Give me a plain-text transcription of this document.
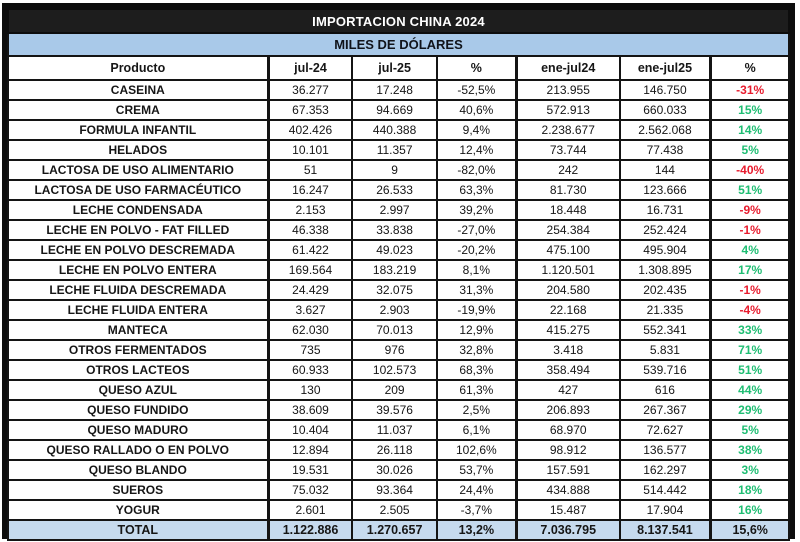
IMPORTACION CHINA 2024						
MILES DE DÓLARES						
Producto	jul-24	jul-25	%	ene-jul24	ene-jul25	%
CASEINA	36.277	17.248	-52,5%	213.955	146.750	-31%
CREMA	67.353	94.669	40,6%	572.913	660.033	15%
FORMULA INFANTIL	402.426	440.388	9,4%	2.238.677	2.562.068	14%
HELADOS	10.101	11.357	12,4%	73.744	77.438	5%
LACTOSA DE USO ALIMENTARIO	51	9	-82,0%	242	144	-40%
LACTOSA DE USO FARMACÉUTICO	16.247	26.533	63,3%	81.730	123.666	51%
LECHE CONDENSADA	2.153	2.997	39,2%	18.448	16.731	-9%
LECHE EN POLVO - FAT FILLED	46.338	33.838	-27,0%	254.384	252.424	-1%
LECHE EN POLVO DESCREMADA	61.422	49.023	-20,2%	475.100	495.904	4%
LECHE EN POLVO ENTERA	169.564	183.219	8,1%	1.120.501	1.308.895	17%
LECHE FLUIDA DESCREMADA	24.429	32.075	31,3%	204.580	202.435	-1%
LECHE FLUIDA ENTERA	3.627	2.903	-19,9%	22.168	21.335	-4%
MANTECA	62.030	70.013	12,9%	415.275	552.341	33%
OTROS FERMENTADOS	735	976	32,8%	3.418	5.831	71%
OTROS LACTEOS	60.933	102.573	68,3%	358.494	539.716	51%
QUESO AZUL	130	209	61,3%	427	616	44%
QUESO FUNDIDO	38.609	39.576	2,5%	206.893	267.367	29%
QUESO MADURO	10.404	11.037	6,1%	68.970	72.627	5%
QUESO RALLADO O EN POLVO	12.894	26.118	102,6%	98.912	136.577	38%
QUESO BLANDO	19.531	30.026	53,7%	157.591	162.297	3%
SUEROS	75.032	93.364	24,4%	434.888	514.442	18%
YOGUR	2.601	2.505	-3,7%	15.487	17.904	16%
TOTAL	1.122.886	1.270.657	13,2%	7.036.795	8.137.541	15,6%
